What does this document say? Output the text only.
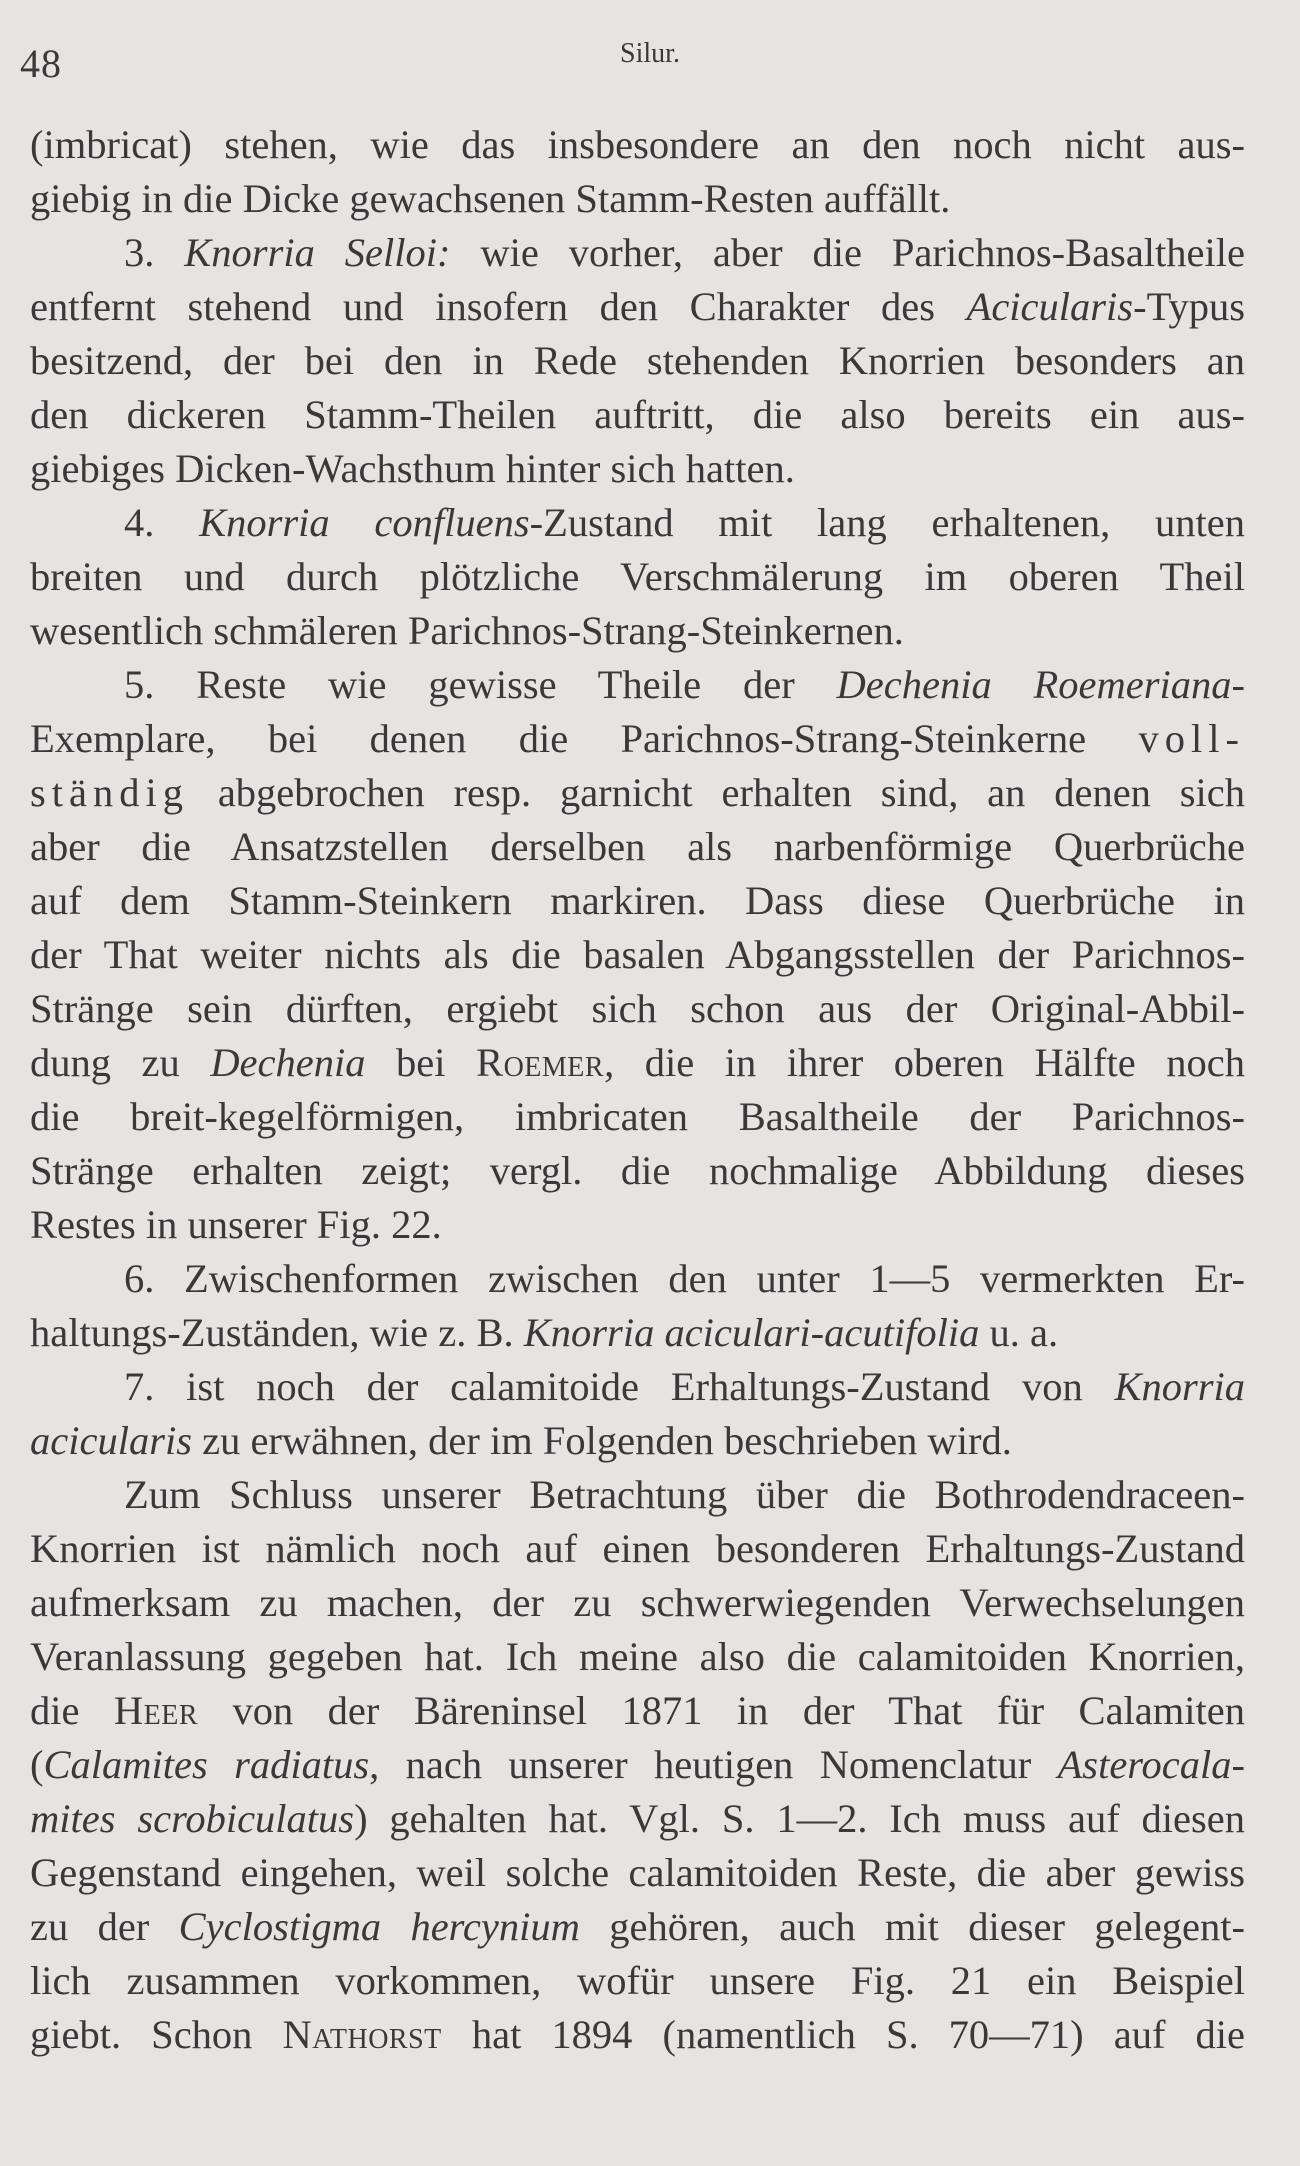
48	Silur.
(imbricat) stehen, wie das insbesondere an den noch nicht aus-
giebig in die Dicke gewachsenen Stamm-Resten auffällt.
3. Knorria Selloi: wie vorher, aber die Parichnos-Basaltheile
entfernt stehend und insofern den Charakter des Acicularis-Typus
besitzend, der bei den in Rede stehenden Knorrien besonders an
den dickeren Stamm-Theilen auftritt, die also bereits ein aus-
giebiges Dicken-Wachsthum hinter sich hatten.
4. Knorria confluens-Zustand mit lang erhaltenen, unten
breiten und durch plötzliche Verschmälerung im oberen Theil
wesentlich schmäleren Parichnos-Strang-Steinkernen.
5. Reste wie gewisse Theile der Dechenia Roemeriana-
Exemplare, bei denen die Parichnos-Strang-Steinkerne voll-
ständig abgebrochen resp. garnicht erhalten sind, an denen sich
aber die Ansatzstellen derselben als narbenförmige Querbrüche
auf dem Stamm-Steinkern markiren. Dass diese Querbrüche in
der That weiter nichts als die basalen Abgangsstellen der Parichnos-
Stränge sein dürften, ergiebt sich schon aus der Original-Abbil-
dung zu Dechenia bei Roemer, die in ihrer oberen Hälfte noch
die breit-kegelförmigen, imbricaten Basaltheile der Parichnos-
Stränge erhalten zeigt; vergl. die nochmalige Abbildung dieses
Restes in unserer Fig. 22.
6. Zwischenformen zwischen den unter 1—5 vermerkten Er-
haltungs-Zuständen, wie z. B. Knorria aciculari-acutifolia u. a.
7. ist noch der calamitoide Erhaltungs-Zustand von Knorria
acicularis zu erwähnen, der im Folgenden beschrieben wird.
Zum Schluss unserer Betrachtung über die Bothrodendraceen-
Knorrien ist nämlich noch auf einen besonderen Erhaltungs-Zustand
aufmerksam zu machen, der zu schwerwiegenden Verwechselungen
Veranlassung gegeben hat. Ich meine also die calamitoiden Knorrien,
die Heer von der Bäreninsel 1871 in der That für Calamiten
(Calamites radiatus, nach unserer heutigen Nomenclatur Asterocala-
mites scrobiculatus) gehalten hat. Vgl. S. 1—2. Ich muss auf diesen
Gegenstand eingehen, weil solche calamitoiden Reste, die aber gewiss
zu der Cyclostigma hercynium gehören, auch mit dieser gelegent-
lich zusammen vorkommen, wofür unsere Fig. 21 ein Beispiel
giebt. Schon Nathorst hat 1894 (namentlich S. 70—71) auf die
